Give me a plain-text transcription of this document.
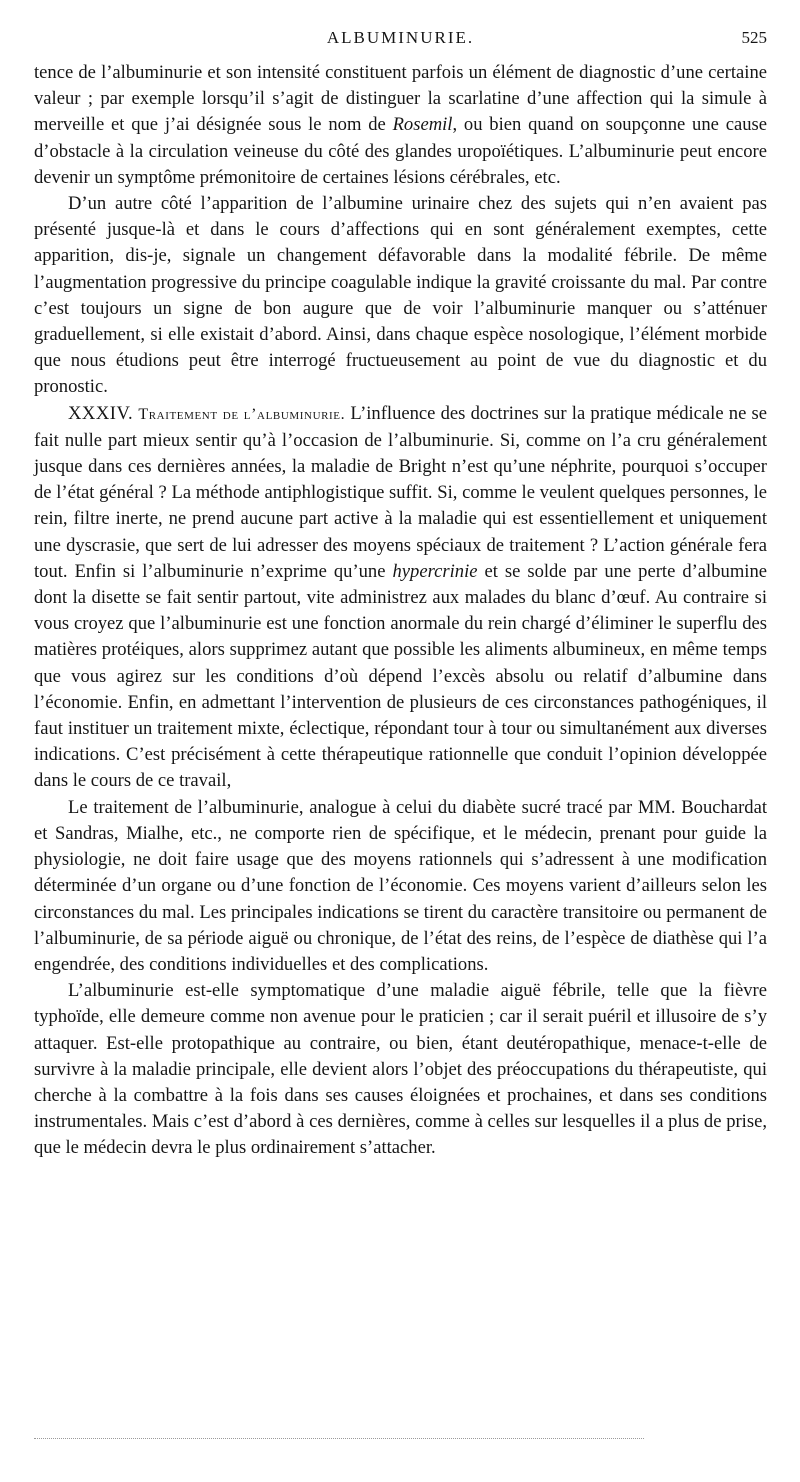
ALBUMINURIE.	525

tence de l’albuminurie et son intensité constituent parfois un élément de diagnostic d’une certaine valeur ; par exemple lorsqu’il s’agit de distinguer la scarlatine d’une affection qui la simule à merveille et que j’ai désignée sous le nom de Rosemil, ou bien quand on soupçonne une cause d’obstacle à la circulation veineuse du côté des glandes uropoïétiques. L’albuminurie peut encore devenir un symptôme prémonitoire de certaines lésions cérébrales, etc.

D’un autre côté l’apparition de l’albumine urinaire chez des sujets qui n’en avaient pas présenté jusque-là et dans le cours d’affections qui en sont généralement exemptes, cette apparition, dis-je, signale un changement défavorable dans la modalité fébrile. De même l’augmentation progressive du principe coagulable indique la gravité croissante du mal. Par contre c’est toujours un signe de bon augure que de voir l’albuminurie manquer ou s’atténuer graduellement, si elle existait d’abord. Ainsi, dans chaque espèce nosologique, l’élément morbide que nous étudions peut être interrogé fructueusement au point de vue du diagnostic et du pronostic.

XXXIV. Traitement de l’albuminurie. L’influence des doctrines sur la pratique médicale ne se fait nulle part mieux sentir qu’à l’occasion de l’albuminurie. Si, comme on l’a cru généralement jusque dans ces dernières années, la maladie de Bright n’est qu’une néphrite, pourquoi s’occuper de l’état général ? La méthode antiphlogistique suffit. Si, comme le veulent quelques personnes, le rein, filtre inerte, ne prend aucune part active à la maladie qui est essentiellement et uniquement une dyscrasie, que sert de lui adresser des moyens spéciaux de traitement ? L’action générale fera tout. Enfin si l’albuminurie n’exprime qu’une hypercrinie et se solde par une perte d’albumine dont la disette se fait sentir partout, vite administrez aux malades du blanc d’œuf. Au contraire si vous croyez que l’albuminurie est une fonction anormale du rein chargé d’éliminer le superflu des matières protéiques, alors supprimez autant que possible les aliments albumineux, en même temps que vous agirez sur les conditions d’où dépend l’excès absolu ou relatif d’albumine dans l’économie. Enfin, en admettant l’intervention de plusieurs de ces circonstances pathogéniques, il faut instituer un traitement mixte, éclectique, répondant tour à tour ou simultanément aux diverses indications. C’est précisément à cette thérapeutique rationnelle que conduit l’opinion développée dans le cours de ce travail,

Le traitement de l’albuminurie, analogue à celui du diabète sucré tracé par MM. Bouchardat et Sandras, Mialhe, etc., ne comporte rien de spécifique, et le médecin, prenant pour guide la physiologie, ne doit faire usage que des moyens rationnels qui s’adressent à une modification déterminée d’un organe ou d’une fonction de l’économie. Ces moyens varient d’ailleurs selon les circonstances du mal. Les principales indications se tirent du caractère transitoire ou permanent de l’albuminurie, de sa période aiguë ou chronique, de l’état des reins, de l’espèce de diathèse qui l’a engendrée, des conditions individuelles et des complications.

L’albuminurie est-elle symptomatique d’une maladie aiguë fébrile, telle que la fièvre typhoïde, elle demeure comme non avenue pour le praticien ; car il serait puéril et illusoire de s’y attaquer. Est-elle protopathique au contraire, ou bien, étant deutéropathique, menace-t-elle de survivre à la maladie principale, elle devient alors l’objet des préoccupations du thérapeutiste, qui cherche à la combattre à la fois dans ses causes éloignées et prochaines, et dans ses conditions instrumentales. Mais c’est d’abord à ces dernières, comme à celles sur lesquelles il a plus de prise, que le médecin devra le plus ordinairement s’attacher.
